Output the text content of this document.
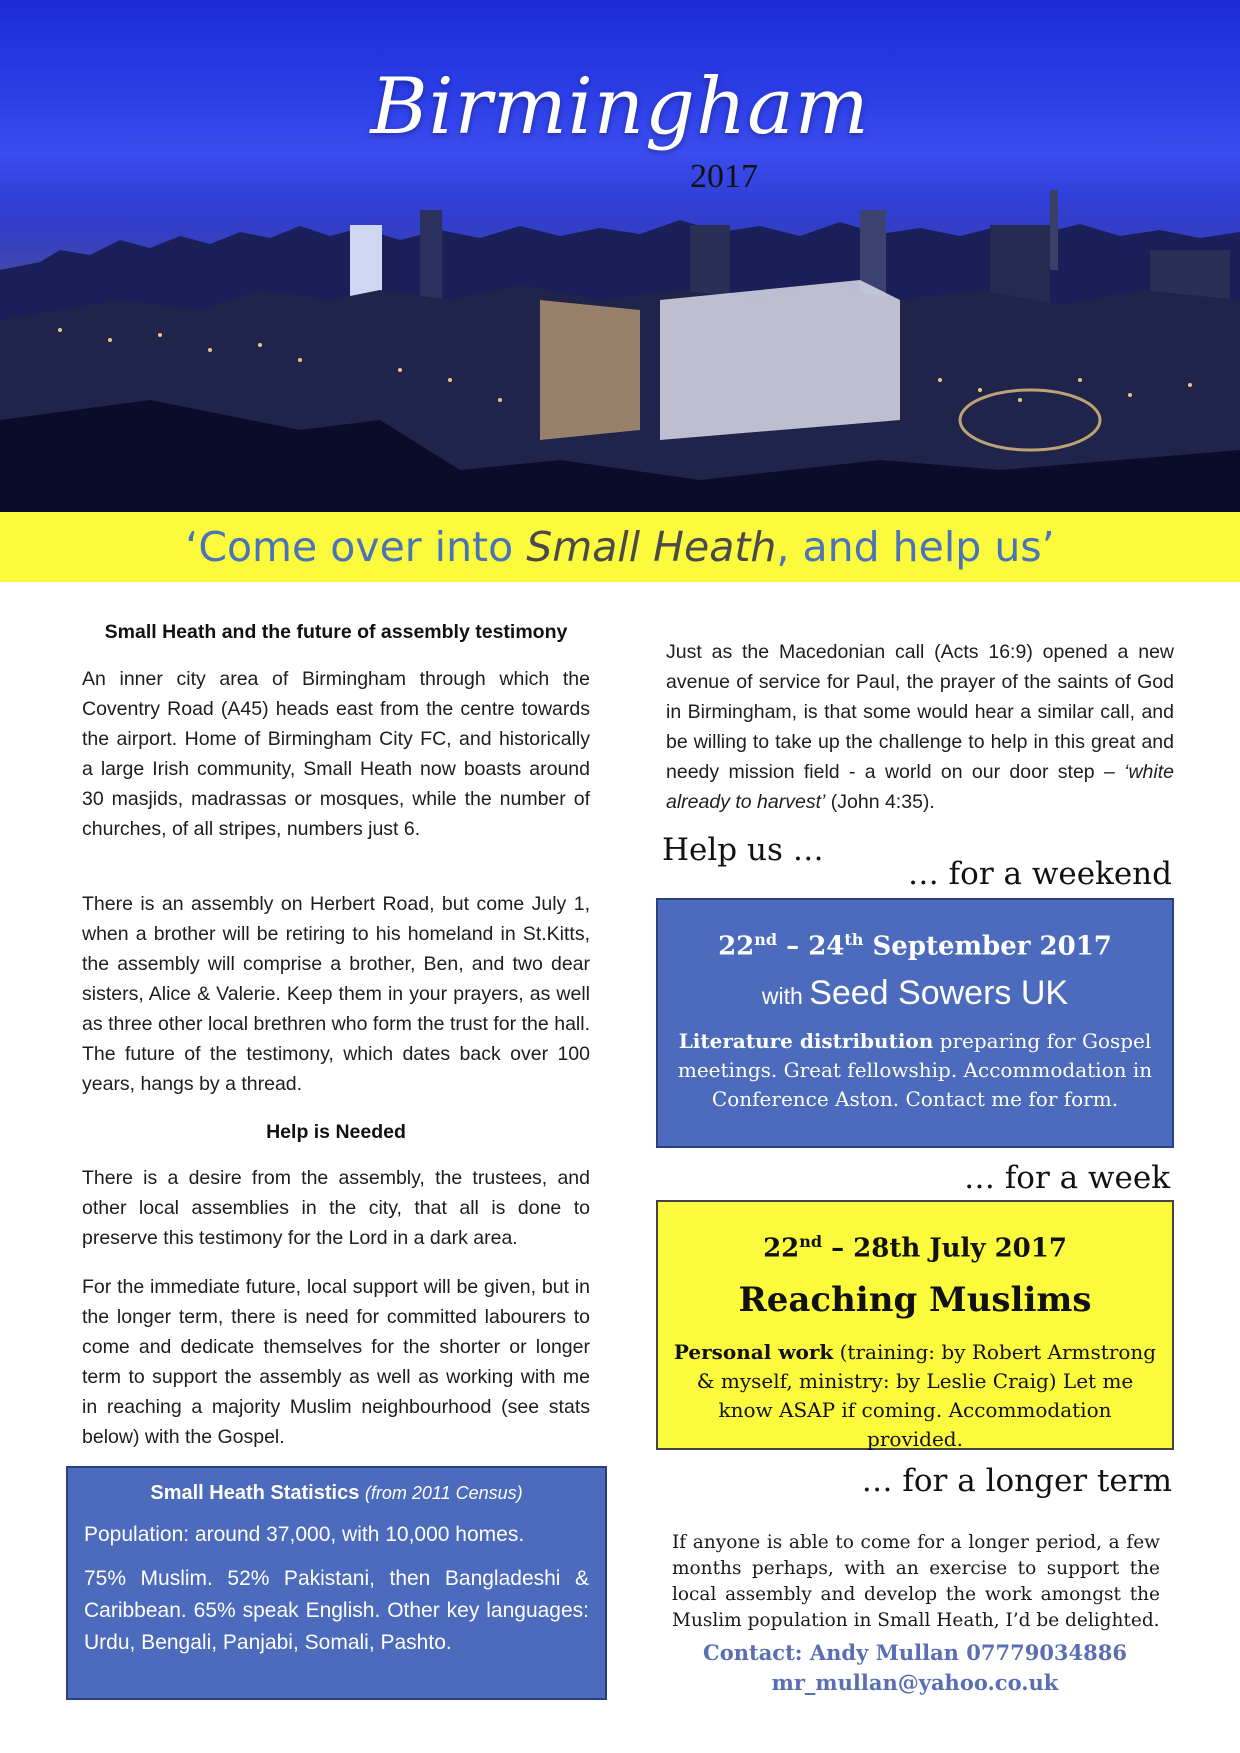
Birmingham
2017
‘Come over into Small Heath, and help us’
Small Heath and the future of assembly testimony
An inner city area of Birmingham through which the Coventry Road (A45) heads east from the centre towards the airport. Home of Birmingham City FC, and historically a large Irish community, Small Heath now boasts around 30 masjids, madrassas or mosques, while the number of churches, of all stripes, numbers just 6.
There is an assembly on Herbert Road, but come July 1, when a brother will be retiring to his homeland in St.Kitts, the assembly will comprise a brother, Ben, and two dear sisters, Alice & Valerie. Keep them in your prayers, as well as three other local brethren who form the trust for the hall. The future of the testimony, which dates back over 100 years, hangs by a thread.
Help is Needed
There is a desire from the assembly, the trustees, and other local assemblies in the city, that all is done to preserve this testimony for the Lord in a dark area.
For the immediate future, local support will be given, but in the longer term, there is need for committed labourers to come and dedicate themselves for the shorter or longer term to support the assembly as well as working with me in reaching a majority Muslim neighbourhood (see stats below) with the Gospel.
Small Heath Statistics (from 2011 Census)

Population: around 37,000, with 10,000 homes.

75% Muslim. 52% Pakistani, then Bangladeshi & Caribbean. 65% speak English. Other key languages: Urdu, Bengali, Panjabi, Somali, Pashto.

Just as the Macedonian call (Acts 16:9) opened a new avenue of service for Paul, the prayer of the saints of God in Birmingham, is that some would hear a similar call, and be willing to take up the challenge to help in this great and needy mission field - a world on our door step – ‘white already to harvest’ (John 4:35).
Help us …
… for a weekend
22nd – 24th September 2017
with Seed Sowers UK
Literature distribution preparing for Gospel meetings. Great fellowship. Accommodation in Conference Aston. Contact me for form.
… for a week
22nd – 28th July 2017
Reaching Muslims
Personal work (training: by Robert Armstrong & myself, ministry: by Leslie Craig) Let me know ASAP if coming. Accommodation provided.
… for a longer term
If anyone is able to come for a longer period, a few months perhaps, with an exercise to support the local assembly and develop the work amongst the Muslim population in Small Heath, I’d be delighted.
Contact: Andy Mullan 07779034886
mr_mullan@yahoo.co.uk
